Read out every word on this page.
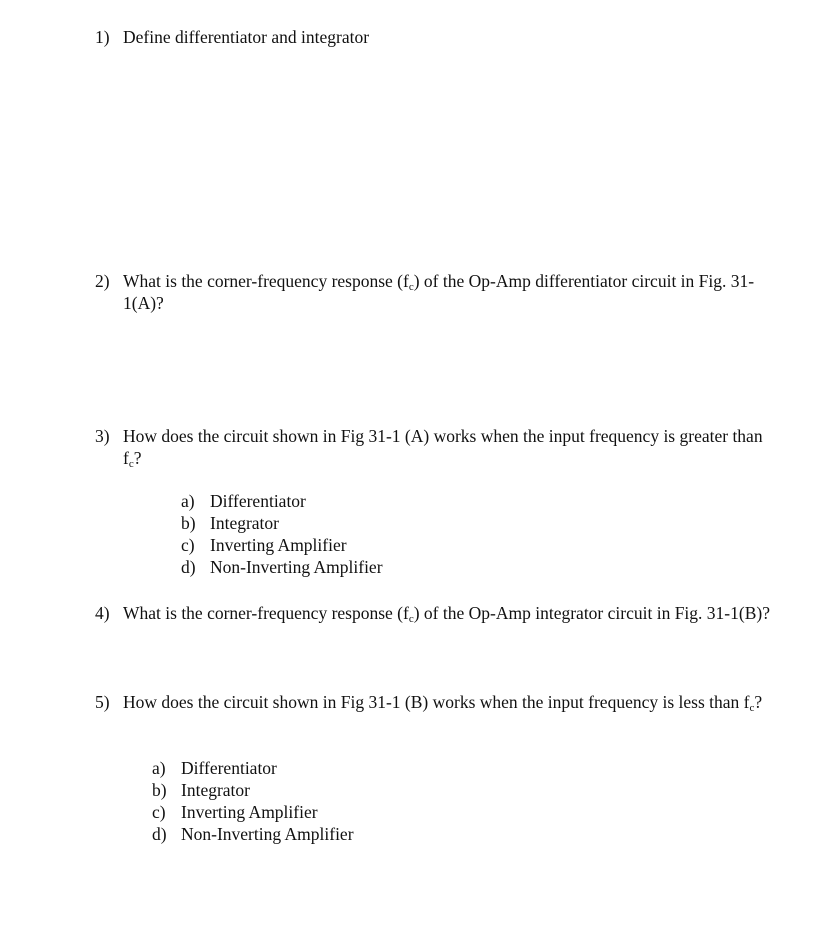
1) Define differentiator and integrator
2) What is the corner-frequency response $(f_c)$ of the Op-Amp differentiator circuit in Fig. 31-1(A)?
3) How does the circuit shown in Fig 31-1 (A) works when the input frequency is greater than $f_c$?
a) Differentiator
b) Integrator
c) Inverting Amplifier
d) Non-Inverting Amplifier
4) What is the corner-frequency response $(f_c)$ of the Op-Amp integrator circuit in Fig. 31-1(B)?
5) How does the circuit shown in Fig 31-1 (B) works when the input frequency is less than $f_c$?
a) Differentiator
b) Integrator
c) Inverting Amplifier
d) Non-Inverting Amplifier
